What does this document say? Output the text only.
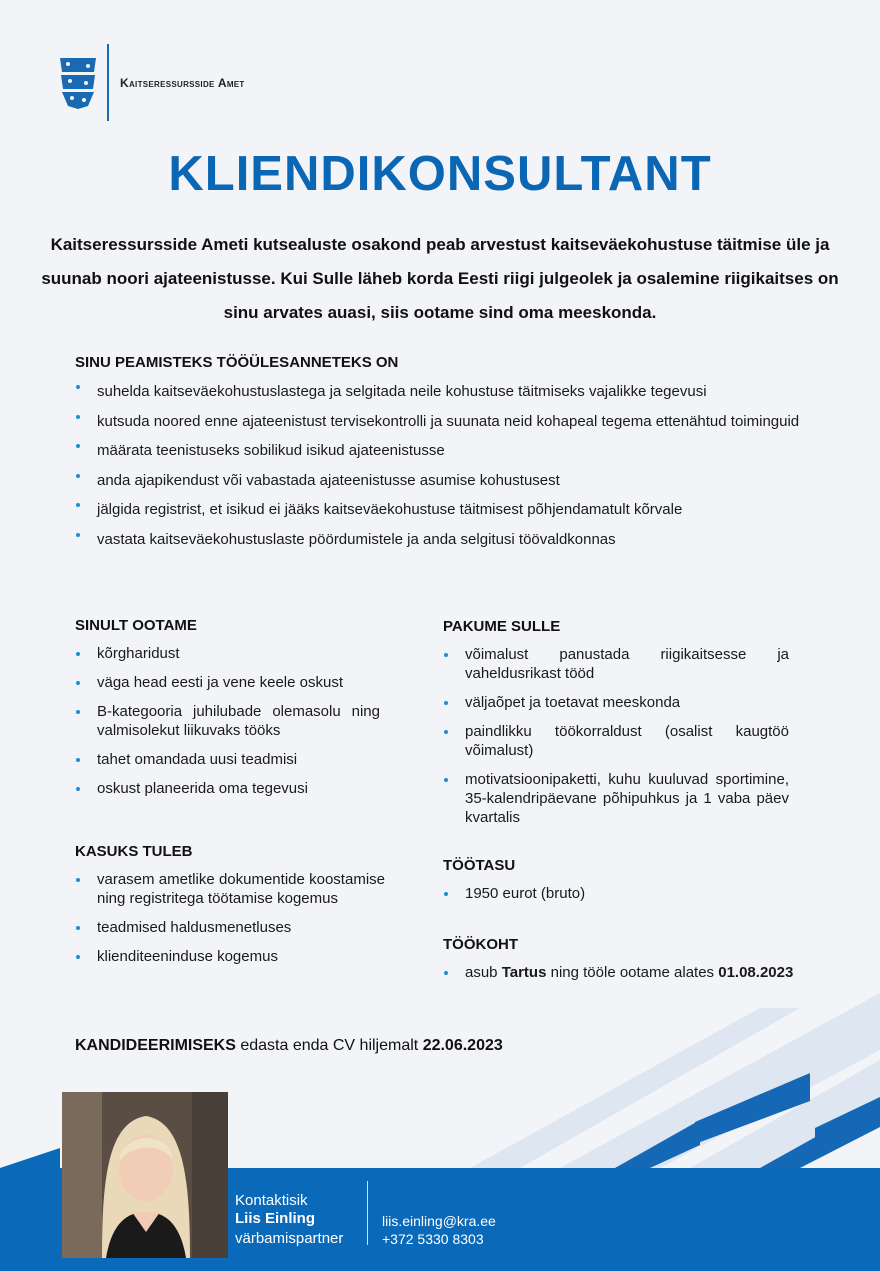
Kaitseressursside Amet
KLIENDIKONSULTANT

Kaitseressursside Ameti kutsealuste osakond peab arvestust kaitseväekohustuse täitmise üle ja suunab noori ajateenistusse. Kui Sulle läheb korda Eesti riigi julgeolek ja osalemine riigikaitses on sinu arvates auasi, siis ootame sind oma meeskonda.

SINU PEAMISTEKS TÖÖÜLESANNETEKS ON
suhelda kaitseväekohustuslastega ja selgitada neile kohustuse täitmiseks vajalikke tegevusi
kutsuda noored enne ajateenistust tervisekontrolli ja suunata neid kohapeal tegema ettenähtud toiminguid
määrata teenistuseks sobilikud isikud ajateenistusse
anda ajapikendust või vabastada ajateenistusse asumise kohustusest
jälgida registrist, et isikud ei jääks kaitseväekohustuse täitmisest põhjendamatult kõrvale
vastata kaitseväekohustuslaste pöördumistele ja anda selgitusi töövaldkonnas
SINULT OOTAME
kõrgharidust
väga head eesti ja vene keele oskust
B-kategooria juhilubade olemasolu ning valmisolekut liikuvaks tööks
tahet omandada uusi teadmisi
oskust planeerida oma tegevusi
KASUKS TULEB
varasem ametlike dokumentide koostamise ning registritega töötamise kogemus
teadmised haldusmenetluses
klienditeeninduse kogemus
PAKUME SULLE
võimalust panustada riigikaitsesse ja vaheldusrikast tööd
väljaõpet ja toetavat meeskonda
paindlikku töökorraldust (osalist kaugtöö võimalust)
motivatsioonipaketti, kuhu kuuluvad sportimine, 35-kalendripäevane põhipuhkus ja 1 vaba päev kvartalis
TÖÖTASU
1950 eurot (bruto)
TÖÖKOHT
asub Tartus ning tööle ootame alates 01.08.2023
KANDIDEERIMISEKS edasta enda CV hiljemalt 22.06.2023
Kontaktisik
Liis Einling
värbamispartner
liis.einling@kra.ee
+372 5330 8303
